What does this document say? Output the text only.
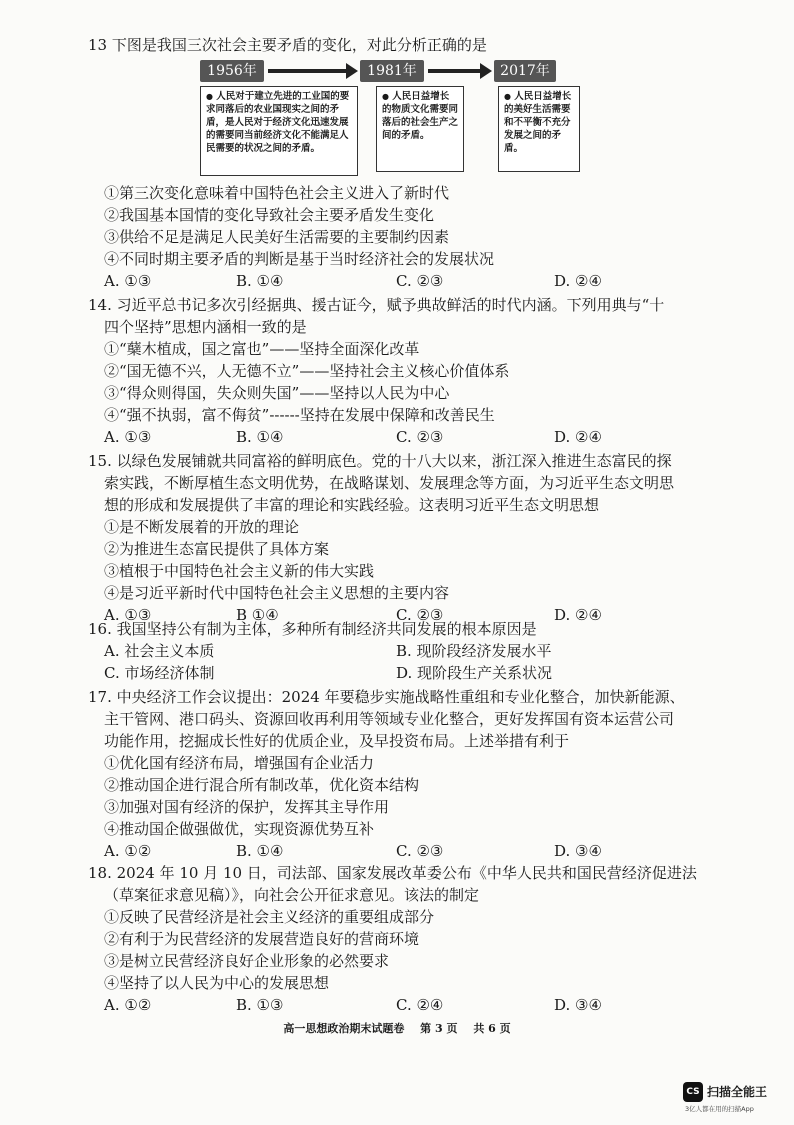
13 下图是我国三次社会主要矛盾的变化，对此分析正确的是
1956年	1981年	2017年
● 人民对于建立先进的工业国的要求同落后的农业国现实之间的矛盾，是人民对于经济文化迅速发展的需要同当前经济文化不能满足人民需要的状况之间的矛盾。
● 人民日益增长的物质文化需要同落后的社会生产之间的矛盾。
● 人民日益增长的美好生活需要和不平衡不充分发展之间的矛盾。
①第三次变化意味着中国特色社会主义进入了新时代
②我国基本国情的变化导致社会主要矛盾发生变化
③供给不足是满足人民美好生活需要的主要制约因素
④不同时期主要矛盾的判断是基于当时经济社会的发展状况
A. ①③	B. ①④	C. ②③	D. ②④
14. 习近平总书记多次引经据典、援古证今，赋予典故鲜活的时代内涵。下列用典与“十
四个坚持”思想内涵相一致的是
①“蘖木植成，国之富也”——坚持全面深化改革
②“国无德不兴，人无德不立”——坚持社会主义核心价值体系
③“得众则得国，失众则失国”——坚持以人民为中心
④“强不执弱，富不侮贫”------坚持在发展中保障和改善民生
A. ①③	B. ①④	C. ②③	D. ②④
15. 以绿色发展铺就共同富裕的鲜明底色。党的十八大以来，浙江深入推进生态富民的探
索实践，不断厚植生态文明优势，在战略谋划、发展理念等方面，为习近平生态文明思
想的形成和发展提供了丰富的理论和实践经验。这表明习近平生态文明思想
①是不断发展着的开放的理论
②为推进生态富民提供了具体方案
③植根于中国特色社会主义新的伟大实践
④是习近平新时代中国特色社会主义思想的主要内容
A. ①③	B ①④	C. ②③	D. ②④
16. 我国坚持公有制为主体，多种所有制经济共同发展的根本原因是
A. 社会主义本质	B. 现阶段经济发展水平
C. 市场经济体制	D. 现阶段生产关系状况
17. 中央经济工作会议提出：2024 年要稳步实施战略性重组和专业化整合，加快新能源、
主干管网、港口码头、资源回收再利用等领域专业化整合，更好发挥国有资本运营公司
功能作用，挖掘成长性好的优质企业，及早投资布局。上述举措有利于
①优化国有经济布局，增强国有企业活力
②推动国企进行混合所有制改革，优化资本结构
③加强对国有经济的保护，发挥其主导作用
④推动国企做强做优，实现资源优势互补
A. ①②	B. ①④	C. ②③	D. ③④
18. 2024 年 10 月 10 日，司法部、国家发展改革委公布《中华人民共和国民营经济促进法
（草案征求意见稿）》，向社会公开征求意见。该法的制定
①反映了民营经济是社会主义经济的重要组成部分
②有利于为民营经济的发展营造良好的营商环境
③是树立民营经济良好企业形象的必然要求
④坚持了以人民为中心的发展思想
A. ①②	B. ①③	C. ②④	D. ③④
高一思想政治期末试题卷 第 3 页 共 6 页
CS 扫描全能王
3亿人都在用的扫描App
